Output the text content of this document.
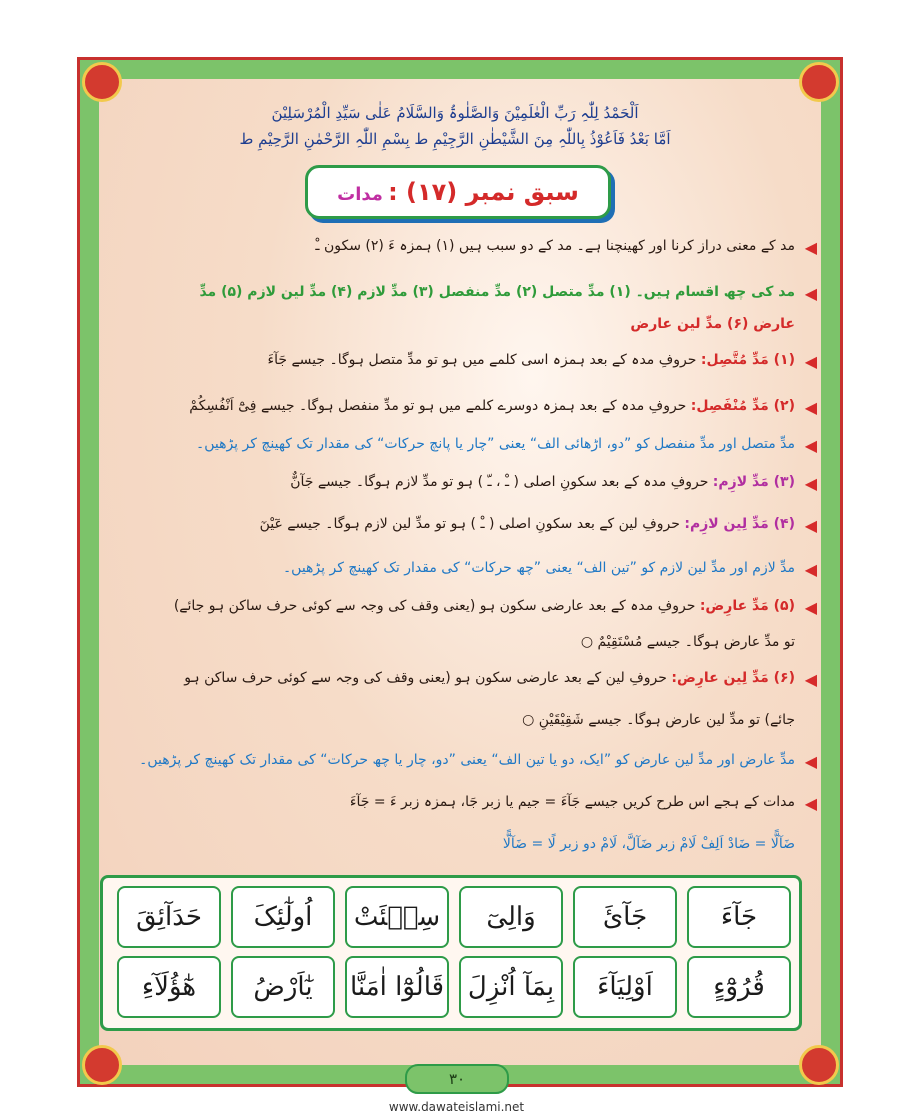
اَلْحَمْدُ لِلّٰہِ رَبِّ الْعٰلَمِیْنَ وَالصَّلٰوۃُ وَالسَّلَامُ عَلٰی سَیِّدِ الْمُرْسَلِیْنَ
اَمَّا بَعْدُ فَاَعُوْذُ بِاللّٰہِ مِنَ الشَّیْطٰنِ الرَّجِیْمِ ط بِسْمِ اللّٰہِ الرَّحْمٰنِ الرَّحِیْمِ ط
سبق نمبر (۱۷) : مدات
◀
مد کے معنی دراز کرنا اور کھینچنا ہے۔ مد کے دو سبب ہیں (۱) ہمزہ ءَ (۲) سکون ـْ
◀
مد کی چھ اقسام ہیں۔ (۱) مدِّ متصل (۲) مدِّ منفصل (۳) مدِّ لازم (۴) مدِّ لین لازم (۵) مدِّ
عارض (۶) مدِّ لین عارض
◀
(۱) مَدِّ مُتَّصِل: حروفِ مدہ کے بعد ہمزہ اسی کلمے میں ہو تو مدِّ متصل ہوگا۔ جیسے جَآءَ
◀
(۲) مَدِّ مُنْفَصِل: حروفِ مدہ کے بعد ہمزہ دوسرے کلمے میں ہو تو مدِّ منفصل ہوگا۔ جیسے فِیْٓ اَنْفُسِکُمْ
◀
مدِّ متصل اور مدِّ منفصل کو ”دو، اڑھائی الف“ یعنی ”چار یا پانچ حرکات“ کی مقدار تک کھینچ کر پڑھیں۔
◀
(۳) مَدِّ لازِم: حروفِ مدہ کے بعد سکونِ اصلی ( ـْ ، ـّ ) ہو تو مدِّ لازم ہوگا۔ جیسے جَآنٌّ
◀
(۴) مَدِّ لِین لازِم: حروفِ لین کے بعد سکونِ اصلی ( ـْ ) ہو تو مدِّ لین لازم ہوگا۔ جیسے عٓیْنٓ
◀
مدِّ لازم اور مدِّ لین لازم کو ”تین الف“ یعنی ”چھ حرکات“ کی مقدار تک کھینچ کر پڑھیں۔
◀
(۵) مَدِّ عارِض: حروفِ مدہ کے بعد عارضی سکون ہو (یعنی وقف کی وجہ سے کوئی حرف ساکن ہو جائے)
تو مدِّ عارض ہوگا۔ جیسے مُسْتَقِیْمٌ ○
◀
(۶) مَدِّ لِین عارِض: حروفِ لین کے بعد عارضی سکون ہو (یعنی وقف کی وجہ سے کوئی حرف ساکن ہو
جائے) تو مدِّ لین عارض ہوگا۔ جیسے شَقِیْقَیْنِ ○
◀
مدِّ عارض اور مدِّ لین عارض کو ”ایک، دو یا تین الف“ یعنی ”دو، چار یا چھ حرکات“ کی مقدار تک کھینچ کر پڑھیں۔
◀
مدات کے ہجے اس طرح کریں جیسے جَآءَ = جیم یا زبر جَا، ہمزہ زبر ءَ = جَآءَ
ضَآلًّا = ضَادْ اَلِفْ لَامْ زبر ضَآلَّ، لَامْ دو زبر لًا = ضَآلًّا
جَآءَ
جَآئَ
وَالِیٓ
سِیۡئَتْ
اُولٰٓئِکَ
حَدَآئِقَ
قُرُوْٓءٍ
اَوْلِیَآءَ
بِمَآ اُنْزِلَ
قَالُوْٓا اٰمَنَّا
یٰٓاَرْضُ
ھٰٓؤُلَآءِ
۳۰
www.dawateislami.net
